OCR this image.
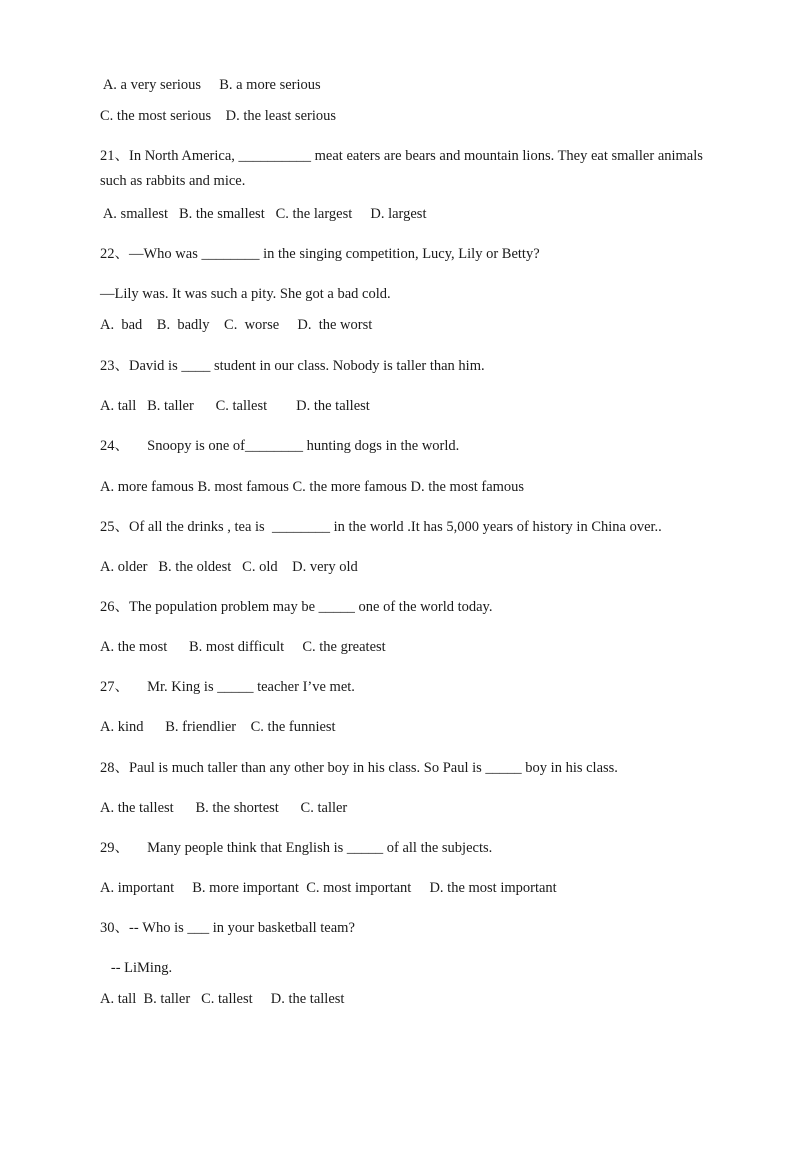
A. a very serious     B. a more serious
C. the most serious    D. the least serious
21、In North America, __________ meat eaters are bears and mountain lions. They eat smaller animals such as rabbits and mice.
A. smallest   B. the smallest   C. the largest     D. largest
22、—Who was ________ in the singing competition, Lucy, Lily or Betty?
—Lily was. It was such a pity. She got a bad cold.
A.  bad    B.  badly    C.  worse     D.  the worst
23、David is ____ student in our class. Nobody is taller than him.
A. tall   B. taller      C. tallest        D. the tallest
24、     Snoopy is one of________ hunting dogs in the world.
A. more famous B. most famous C. the more famous D. the most famous
25、Of all the drinks , tea is  ________ in the world .It has 5,000 years of history in China over..
A. older   B. the oldest   C. old    D. very old
26、The population problem may be _____ one of the world today.
A. the most      B. most difficult     C. the greatest
27、     Mr. King is _____ teacher I’ve met.
A. kind      B. friendlier    C. the funniest
28、Paul is much taller than any other boy in his class. So Paul is _____ boy in his class.
A. the tallest      B. the shortest      C. taller
29、     Many people think that English is _____ of all the subjects.
A. important     B. more important  C. most important     D. the most important
30、-- Who is ___ in your basketball team?
-- LiMing.
A. tall  B. taller   C. tallest     D. the tallest
